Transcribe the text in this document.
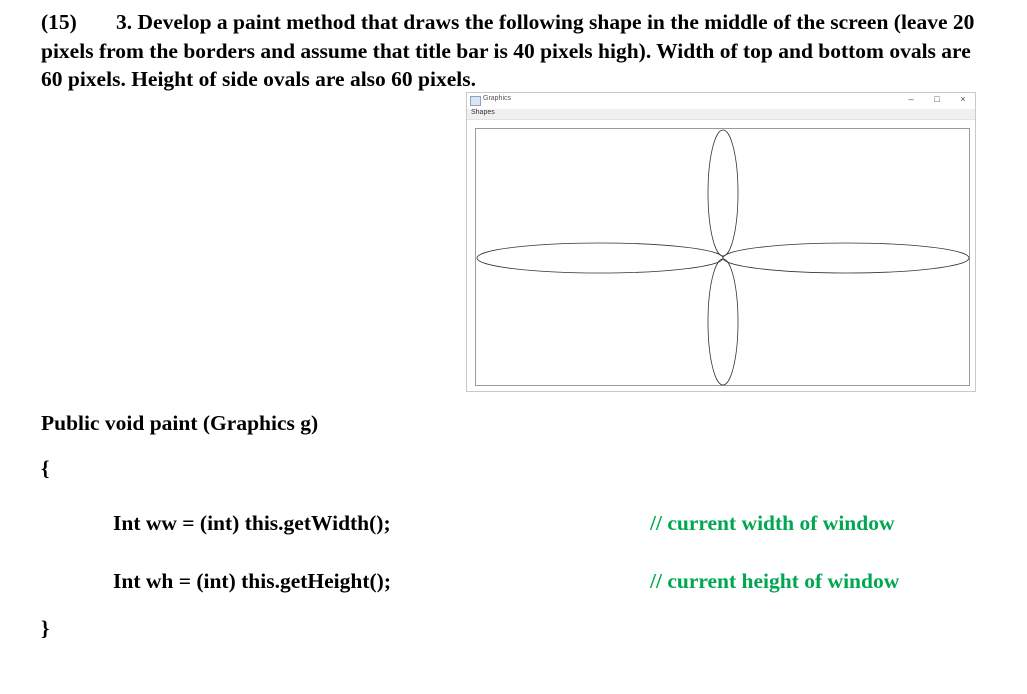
(15) 3. Develop a paint method that draws the following shape in the middle of the screen (leave 20 pixels from the borders and assume that title bar is 40 pixels high). Width of top and bottom ovals are 60 pixels. Height of side ovals are also 60 pixels.
Graphics	–	□	×
Shapes
Public void paint (Graphics g)
{
Int ww = (int) this.getWidth();	// current width of window
Int wh = (int) this.getHeight();	// current height of window
}
